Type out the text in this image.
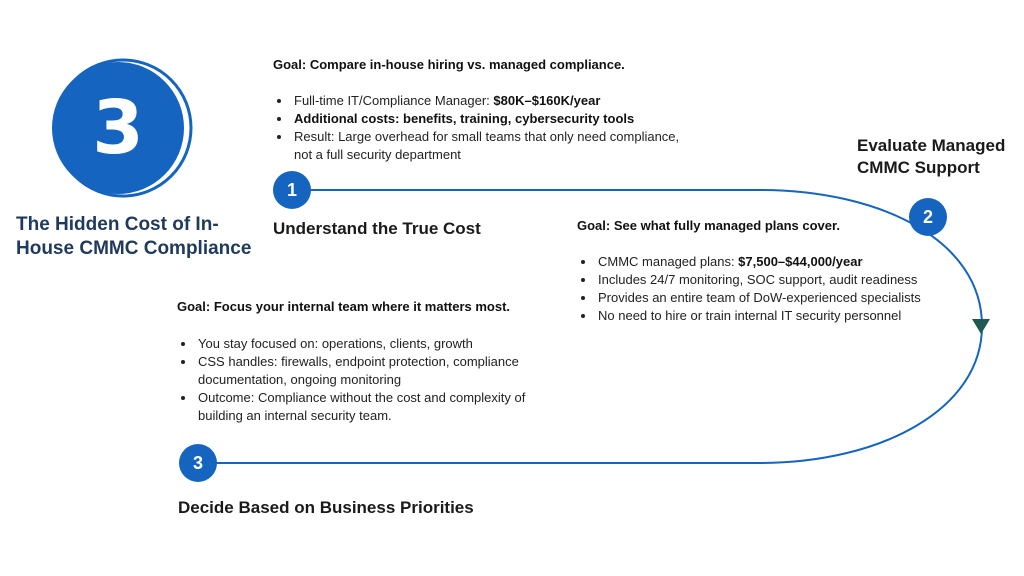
3
The Hidden Cost of In-House CMMC Compliance
1
2
3
Goal: Compare in-house hiring vs. managed compliance.
• Full-time IT/Compliance Manager: $80K–$160K/year
• Additional costs: benefits, training, cybersecurity tools
• Result: Large overhead for small teams that only need compliance, not a full security department
Understand the True Cost
Evaluate Managed CMMC Support
Goal: See what fully managed plans cover.
• CMMC managed plans: $7,500–$44,000/year
• Includes 24/7 monitoring, SOC support, audit readiness
• Provides an entire team of DoW-experienced specialists
• No need to hire or train internal IT security personnel
Goal: Focus your internal team where it matters most.
• You stay focused on: operations, clients, growth
• CSS handles: firewalls, endpoint protection, compliance documentation, ongoing monitoring
• Outcome: Compliance without the cost and complexity of building an internal security team.
Decide Based on Business Priorities
